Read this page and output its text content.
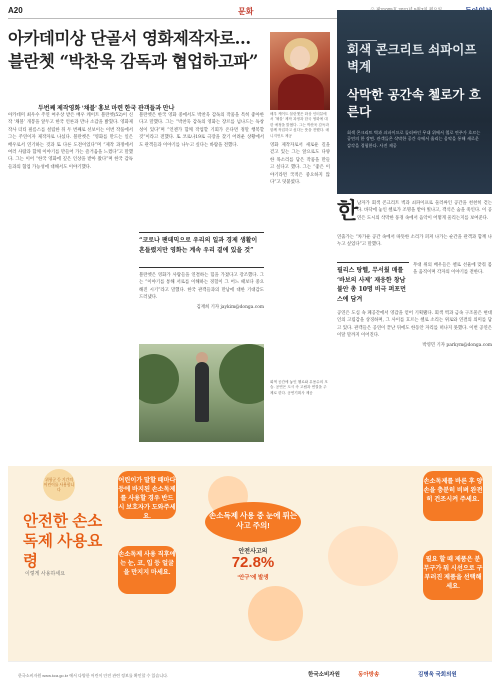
A20	문화
아카데미상 단골서 영화제작자로…
블란쳇 “박찬욱 감독과 협업하고파”
두번째 제작영화 ‘채블’ 홍보 마련 한국 관객들과 만나
아카데미 최우수 주연 여우상 받은 배우 케이트 블란쳇(52)이 신작 ‘채블’ 개봉을 앞두고 한국 언론과 만나 소감을 밝혔다. 영화제작사 더티 필름스를 설립한 뒤 두 번째로 선보이는 이번 작품에서 그는 주연이자 제작자로 나섰다. 블란쳇은 “영화를 만드는 일은 배우로서 연기하는 것과 또 다른 도전이었다”며 “제작 과정에서 여러 사람과 함께 이야기를 만들어 가는 즐거움을 느꼈다”고 말했다. 그는 이어 “한국 영화에 깊은 인상을 받아 왔다”며 한국 감독들과의 협업 가능성에 대해서도 이야기했다.
블란쳇은 한국 영화 중에서도 박찬욱 감독의 작품을 특히 좋아한다고 말했다. 그는 “박찬욱 감독의 영화는 장르를 넘나드는 독창성이 있다”며 “언젠가 함께 작업할 기회가 온다면 정말 행복할 것”이라고 전했다. 또 코로나19로 극장을 찾기 어려운 상황에서도 관객들과 이야기를 나누고 싶다는 바람을 전했다.
“코로나 팬데믹으로 우리의 일과 경제 생활이 흔들렸지만 영화는 계속 우리 곁에 있을 것”
블란쳇은 영화가 사람들을 연결하는 힘을 가졌다고 강조했다. 그는 “이야기를 통해 서로를 이해하는 경험이 그 어느 때보다 중요해진 시기”라고 말했다. 한국 관객들과의 만남에 대한 기대감도 드러냈다.
김재희 기자 jaykim@donga.com
배우 케이트 블란쳇은 화상 인터뷰에서 ‘채블’ 제작 과정과 한국 영화에 대한 애정을 밝혔다. 그는 박찬욱 감독과 함께 작업하고 싶다는 뜻을 전했다. 매니지먼트 제공
영화 제작자로서 새로운 길을 걷고 있는 그는 앞으로도 다양한 목소리를 담은 작품을 만들고 싶다고 했다. 그는 “좋은 이야기라면 국적은 중요하지 않다”고 덧붙였다.
회색 콘크리트 쇠파이프 벽계
삭막한 공간속 첼로가 흐른다
회색 콘크리트 벽과 쇠파이프로 둘러싸인 무대 위에서 첼로 연주가 흐르는 공연의 한 장면. 관객들은 삭막한 공간 속에서 울리는 음악을 통해 새로운 감각을 경험한다. 사진 제공
한
남자가 회색 콘크리트 벽과 쇠파이프로 둘러싸인 공간을 천천히 걷는다. 바닥에 놓인 첼로가 조명을 받아 빛나고, 객석은 숨을 죽인다. 이 공연은 도시의 삭막한 풍경 속에서 음악이 어떻게 울리는지를 보여준다.
연출가는 “차가운 공간 속에서 따뜻한 소리가 퍼져 나가는 순간을 관객과 함께 나누고 싶었다”고 말했다.
필리스 탕헬, 무서웠 매를 ‘바보의 사제’ 재웅한 창남 불안 총 10명 비극 퍼포먼스에 담겨
무대 위의 배우들은 첼로 선율에 맞춰 몸을 움직이며 각자의 이야기를 전한다.
공연은 도심 속 폐공간에서 영감을 얻어 기획됐다. 회색 벽과 금속 구조물은 현대인의 고립감을 상징하며, 그 사이를 흐르는 첼로 소리는 위로와 연결의 의미를 담고 있다. 관객들은 공연이 끝난 뒤에도 한동안 자리를 떠나지 못했다. 이번 공연은 이달 말까지 이어진다.
박영민 기자 parkym@donga.com
회색 공간에 놓인 첼로와 무용수의 모습. 공연은 도시 속 고립과 연결을 주제로 한다. 공연기획사 제공
위험군 등 기간의 어린이를 사용합니다
안전한 손소독제 사용요령
이렇게 사용하세요
어린이가 말할 때마다 등에 바지된 손소독제를 사용할 경우 반드시 보호자가 도와주세요.
손소독제 사용 직후에는 눈, 코, 입 등 얼굴을 만지지 마세요.
손소독제 사용 중 눈에 튀는 사고 주의!
안전사고의
72.8%
‘안구’에 발생
손소독제를 바른 후 양손을 충분히 비벼 완전히 건조시켜 주세요.
필요 할 때 제품은 분무구가 뭐 시선으로 구부러진 제품을 선택해세요.
한국소비자원 www.kca.go.kr 에서 다양한 어린이 안전 관련 정보를 확인할 수 있습니다.	한국소비자원	동아방송	김병욱 국회의원
